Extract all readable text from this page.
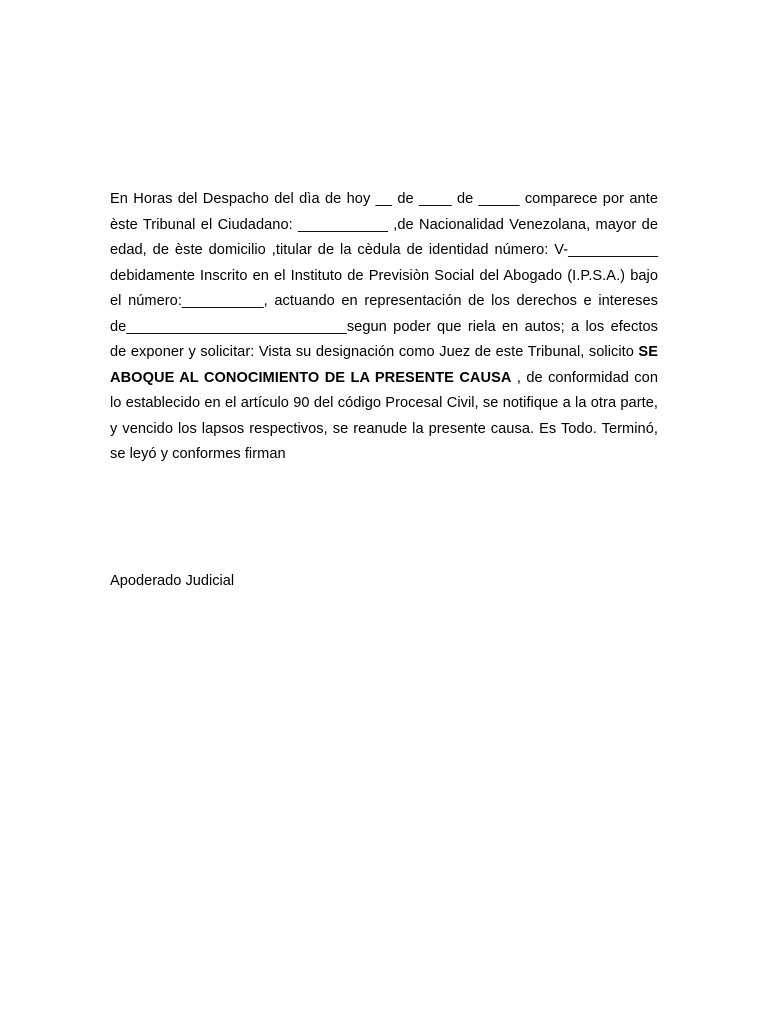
En Horas del Despacho del dìa de hoy __ de ____ de _____ comparece por ante èste Tribunal el Ciudadano: ___________ ,de Nacionalidad Venezolana, mayor de edad, de èste domicilio ,titular de la cèdula de identidad número: V-___________ debidamente Inscrito en el Instituto de Previsiòn Social del Abogado (I.P.S.A.) bajo el número:__________, actuando en representación de los derechos e intereses de___________________________segun poder que riela en autos; a los efectos de exponer y solicitar: Vista su designación como Juez de este Tribunal, solicito SE ABOQUE AL CONOCIMIENTO DE LA PRESENTE CAUSA , de conformidad con lo establecido en el artículo 90 del código Procesal Civil, se notifique a la otra parte, y vencido los lapsos respectivos, se reanude la presente causa. Es Todo. Terminó, se leyó y conformes firman

Apoderado Judicial
